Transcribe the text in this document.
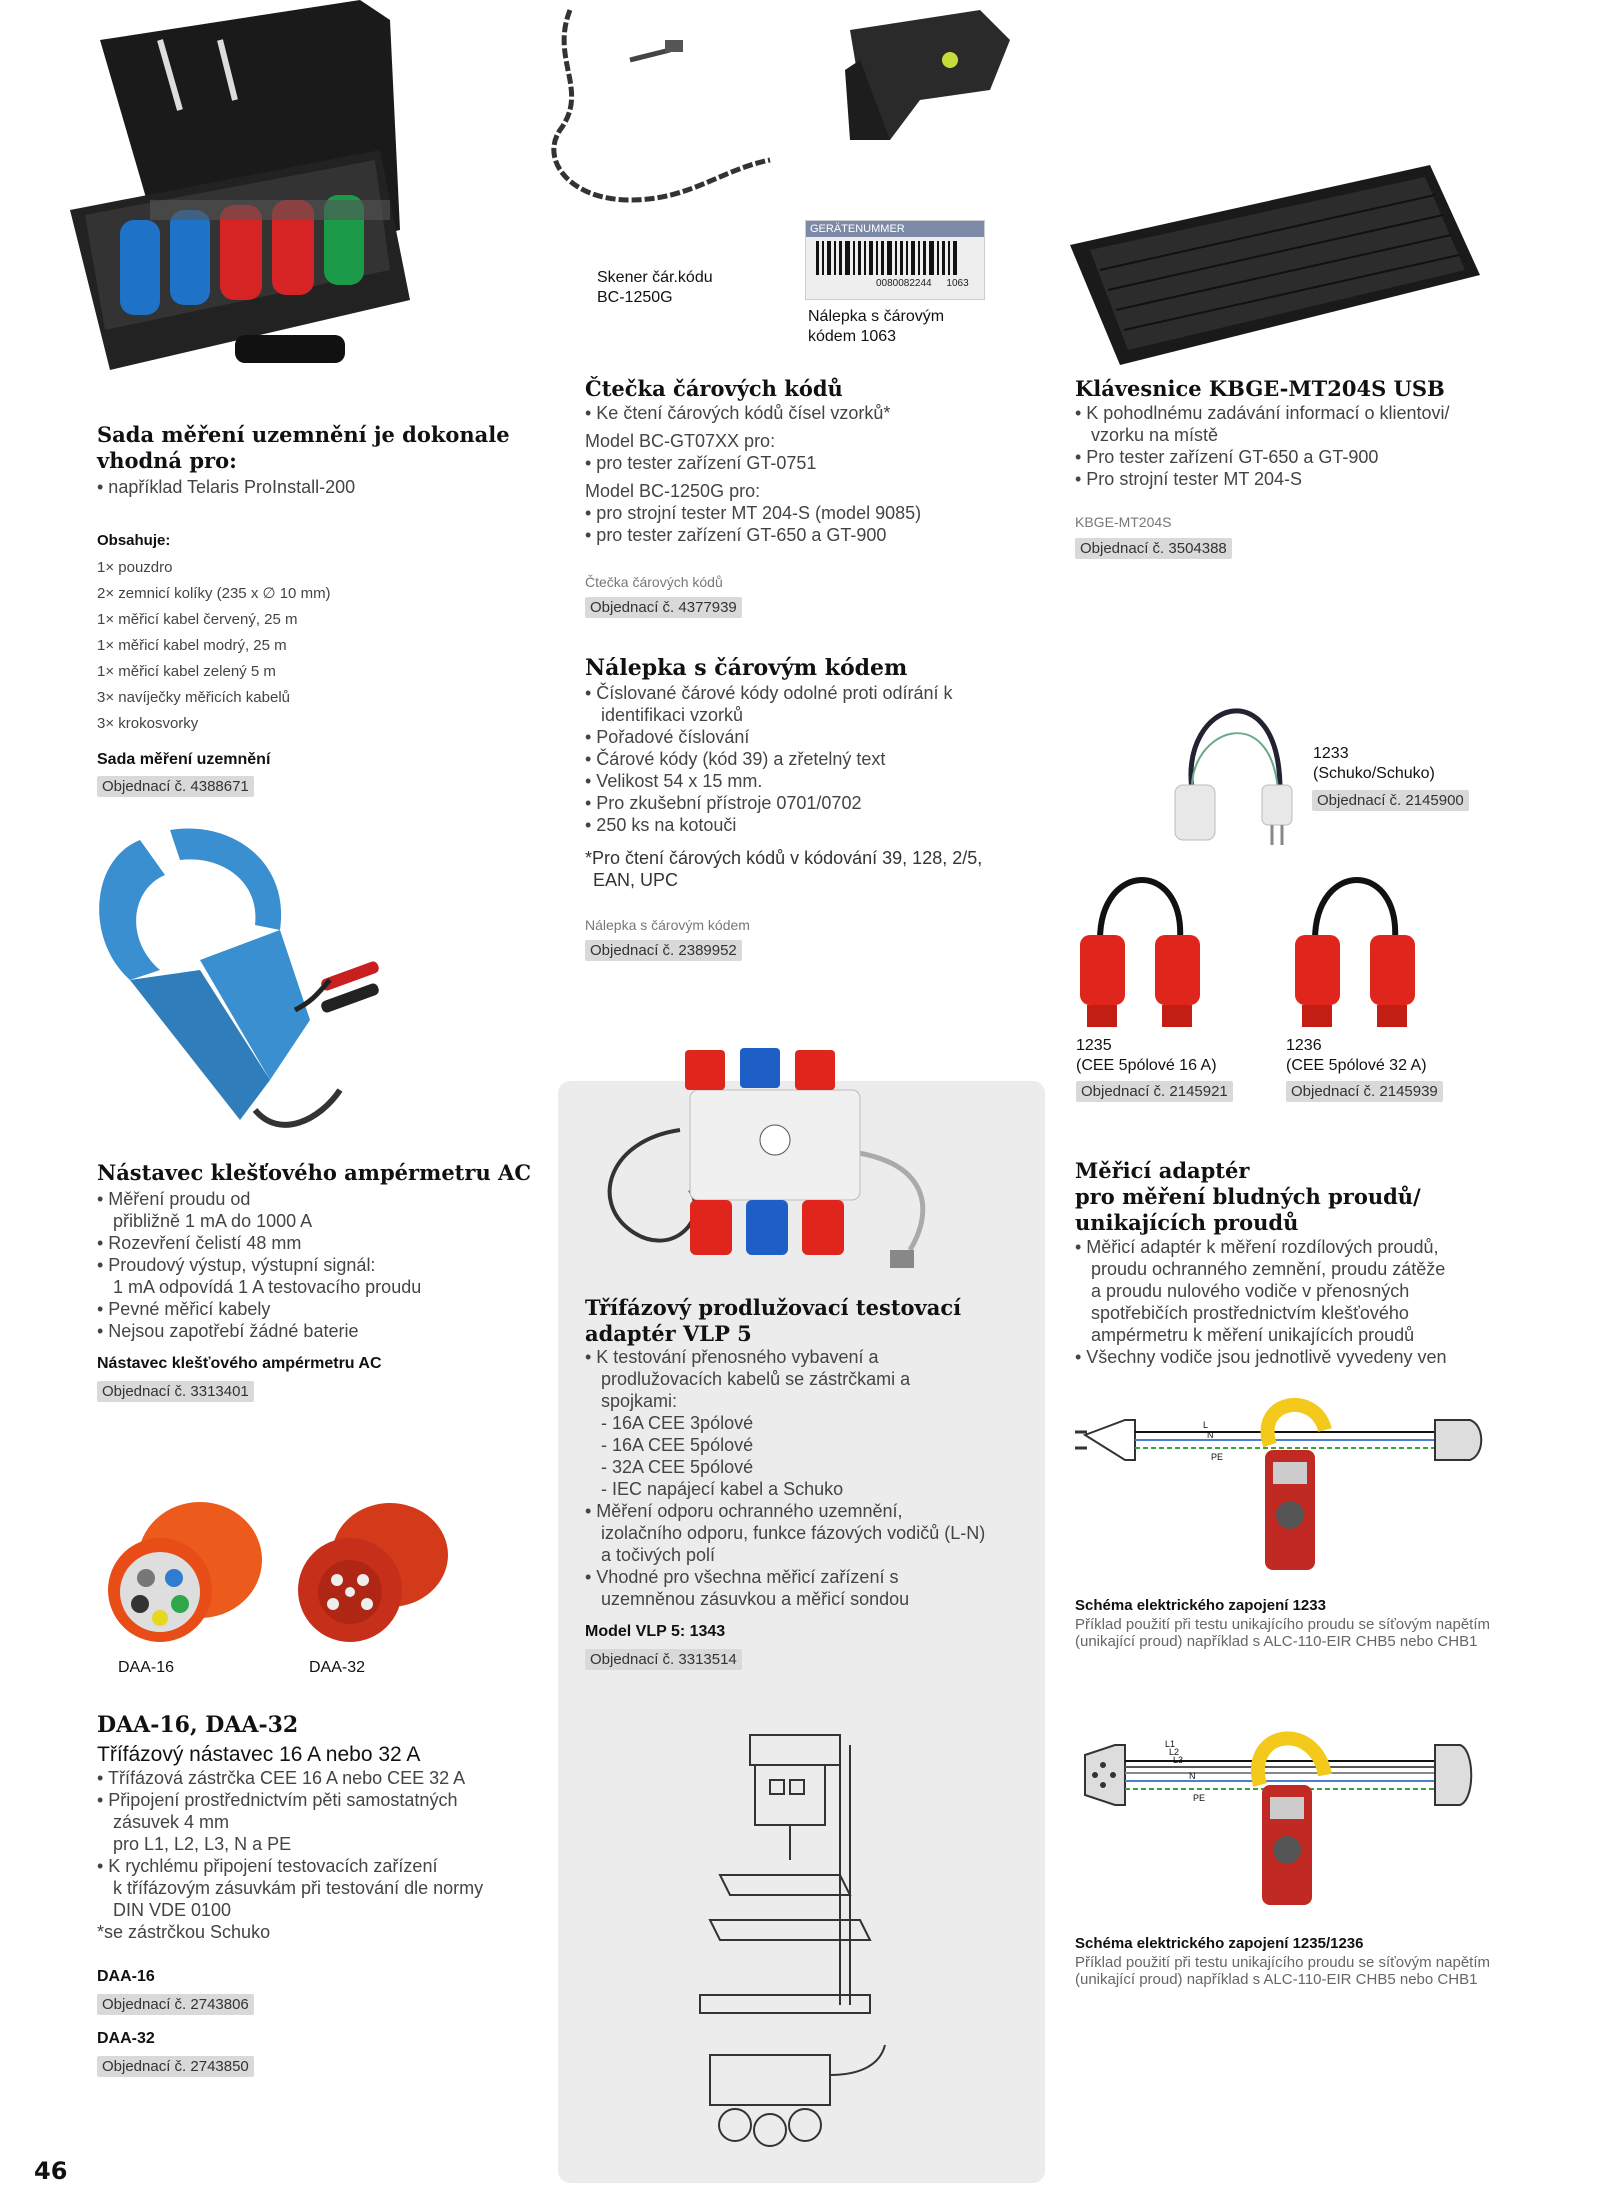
Sada měření uzemnění je dokonale
vhodná pro:
• například Telaris ProInstall-200
Obsahuje:
1× pouzdro
2× zemnicí kolíky (235 x ∅ 10 mm)
1× měřicí kabel červený, 25 m
1× měřicí kabel modrý, 25 m
1× měřicí kabel zelený 5 m
3× navíječky měřicích kabelů
3× krokosvorky
Sada měření uzemnění
Objednací č. 4388671
Nástavec klešťového ampérmetru AC
• Měření proudu od
přibližně 1 mA do 1000 A
• Rozevření čelistí 48 mm
• Proudový výstup, výstupní signál:
1 mA odpovídá 1 A testovacího proudu
• Pevné měřicí kabely
• Nejsou zapotřebí žádné baterie
Nástavec klešťového ampérmetru AC
Objednací č. 3313401
DAA-16	DAA-32
DAA-16, DAA-32
Třífázový nástavec 16 A nebo 32 A
• Třífázová zástrčka CEE 16 A nebo CEE 32 A
• Připojení prostřednictvím pěti samostatných
zásuvek 4 mm
pro L1, L2, L3, N a PE
• K rychlému připojení testovacích zařízení
k třífázovým zásuvkám při testování dle normy
DIN VDE 0100
*se zástrčkou Schuko
DAA-16
Objednací č. 2743806
DAA-32
Objednací č. 2743850
46
GERÄTENUMMER
0080082244 1063
Skener čár.kódu
BC-1250G
Nálepka s čárovým
kódem 1063
Čtečka čárových kódů
• Ke čtení čárových kódů čísel vzorků*
Model BC-GT07XX pro:
• pro tester zařízení GT-0751
Model BC-1250G pro:
• pro strojní tester MT 204-S (model 9085)
• pro tester zařízení GT-650 a GT-900
Čtečka čárových kódů
Objednací č. 4377939
Nálepka s čárovým kódem
• Číslované čárové kódy odolné proti odírání k
identifikaci vzorků
• Pořadové číslování
• Čárové kódy (kód 39) a zřetelný text
• Velikost 54 x 15 mm.
• Pro zkušební přístroje 0701/0702
• 250 ks na kotouči
*Pro čtení čárových kódů v kódování 39, 128, 2/5,
EAN, UPC
Nálepka s čárovým kódem
Objednací č. 2389952
Třífázový prodlužovací testovací
adaptér VLP 5
• K testování přenosného vybavení a
prodlužovacích kabelů se zástrčkami a
spojkami:
- 16A CEE 3pólové
- 16A CEE 5pólové
- 32A CEE 5pólové
- IEC napájecí kabel a Schuko
• Měření odporu ochranného uzemnění,
izolačního odporu, funkce fázových vodičů (L-N)
a točivých polí
• Vhodné pro všechna měřicí zařízení s
uzemněnou zásuvkou a měřicí sondou
Model VLP 5: 1343
Objednací č. 3313514
Klávesnice KBGE-MT204S USB
• K pohodlnému zadávání informací o klientovi/
vzorku na místě
• Pro tester zařízení GT-650 a GT-900
• Pro strojní tester MT 204-S
KBGE-MT204S
Objednací č. 3504388
1233
(Schuko/Schuko)
Objednací č. 2145900
1235
(CEE 5pólové 16 A)
Objednací č. 2145921
1236
(CEE 5pólové 32 A)
Objednací č. 2145939
Měřicí adaptér
pro měření bludných proudů/
unikajících proudů
• Měřicí adaptér k měření rozdílových proudů,
proudu ochranného zemnění, proudu zátěže
a proudu nulového vodiče v přenosných
spotřebičích prostřednictvím klešťového
ampérmetru k měření unikajících proudů
• Všechny vodiče jsou jednotlivě vyvedeny ven
L
N
PE
Schéma elektrického zapojení 1233
Příklad použití při testu unikajícího proudu se síťovým napětím
(unikající proud) například s ALC-110-EIR CHB5 nebo CHB1
L1
L2
L3
N
PE
Schéma elektrického zapojení 1235/1236
Příklad použití při testu unikajícího proudu se síťovým napětím
(unikající proud) například s ALC-110-EIR CHB5 nebo CHB1
